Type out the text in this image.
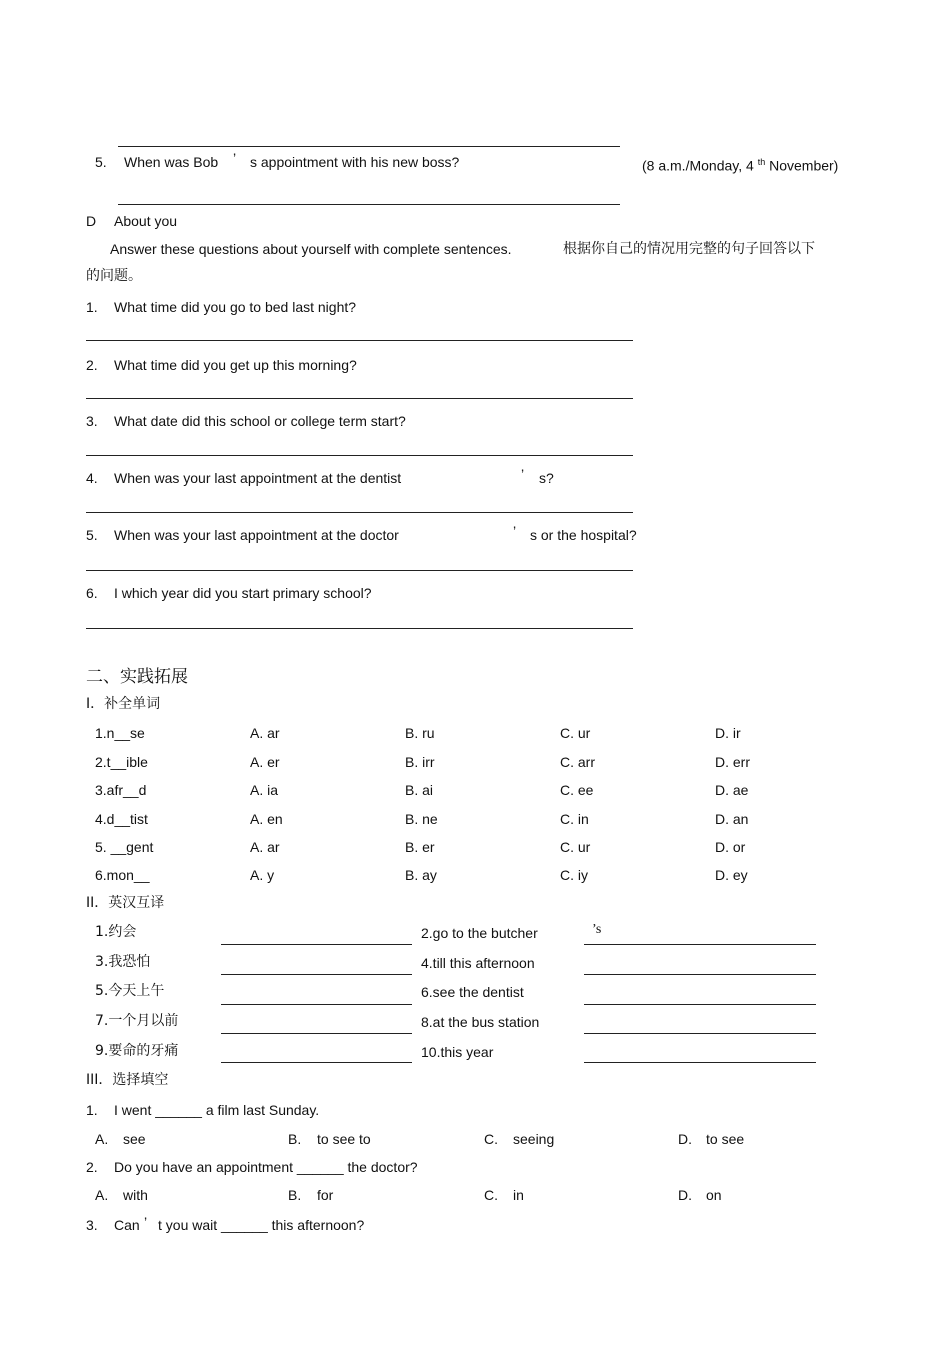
5. When was Bob ’ s appointment with his new boss?	(8 a.m./Monday, 4 $^{th}$ November)
D About you
Answer these questions about yourself with complete sentences.	根据你自己的情况用完整的句子回答以下
的问题。
1. What time did you go to bed last night?
2. What time did you get up this morning?
3. What date did this school or college term start?
4. When was your last appointment at the dentist	’ s?
5. When was your last appointment at the doctor	’ s or the hospital?
6. I which year did you start primary school?
二、实践拓展
I．补全单词
1.n__se	A. ar	B. ru	C. ur	D. ir
2.t__ible	A. er	B. irr	C. arr	D. err
3.afr__d	A. ia	B. ai	C. ee	D. ae
4.d__tist	A. en	B. ne	C. in	D. an
5. __gent	A. ar	B. er	C. ur	D. or
6.mon__	A. y	B. ay	C. iy	D. ey
II．英汉互译
1.约会	2.go to the butcher	’s
3.我恐怕	4.till this afternoon
5.今天上午	6.see the dentist
7.一个月以前	8.at the bus station
9.要命的牙痛	10.this year
III．选择填空
1. I went ______ a film last Sunday.
A. see	B. to see to	C. seeing	D. to see
2. Do you have an appointment ______ the doctor?
A. with	B. for	C. in	D. on
3. Can ’ t you wait ______ this afternoon?
